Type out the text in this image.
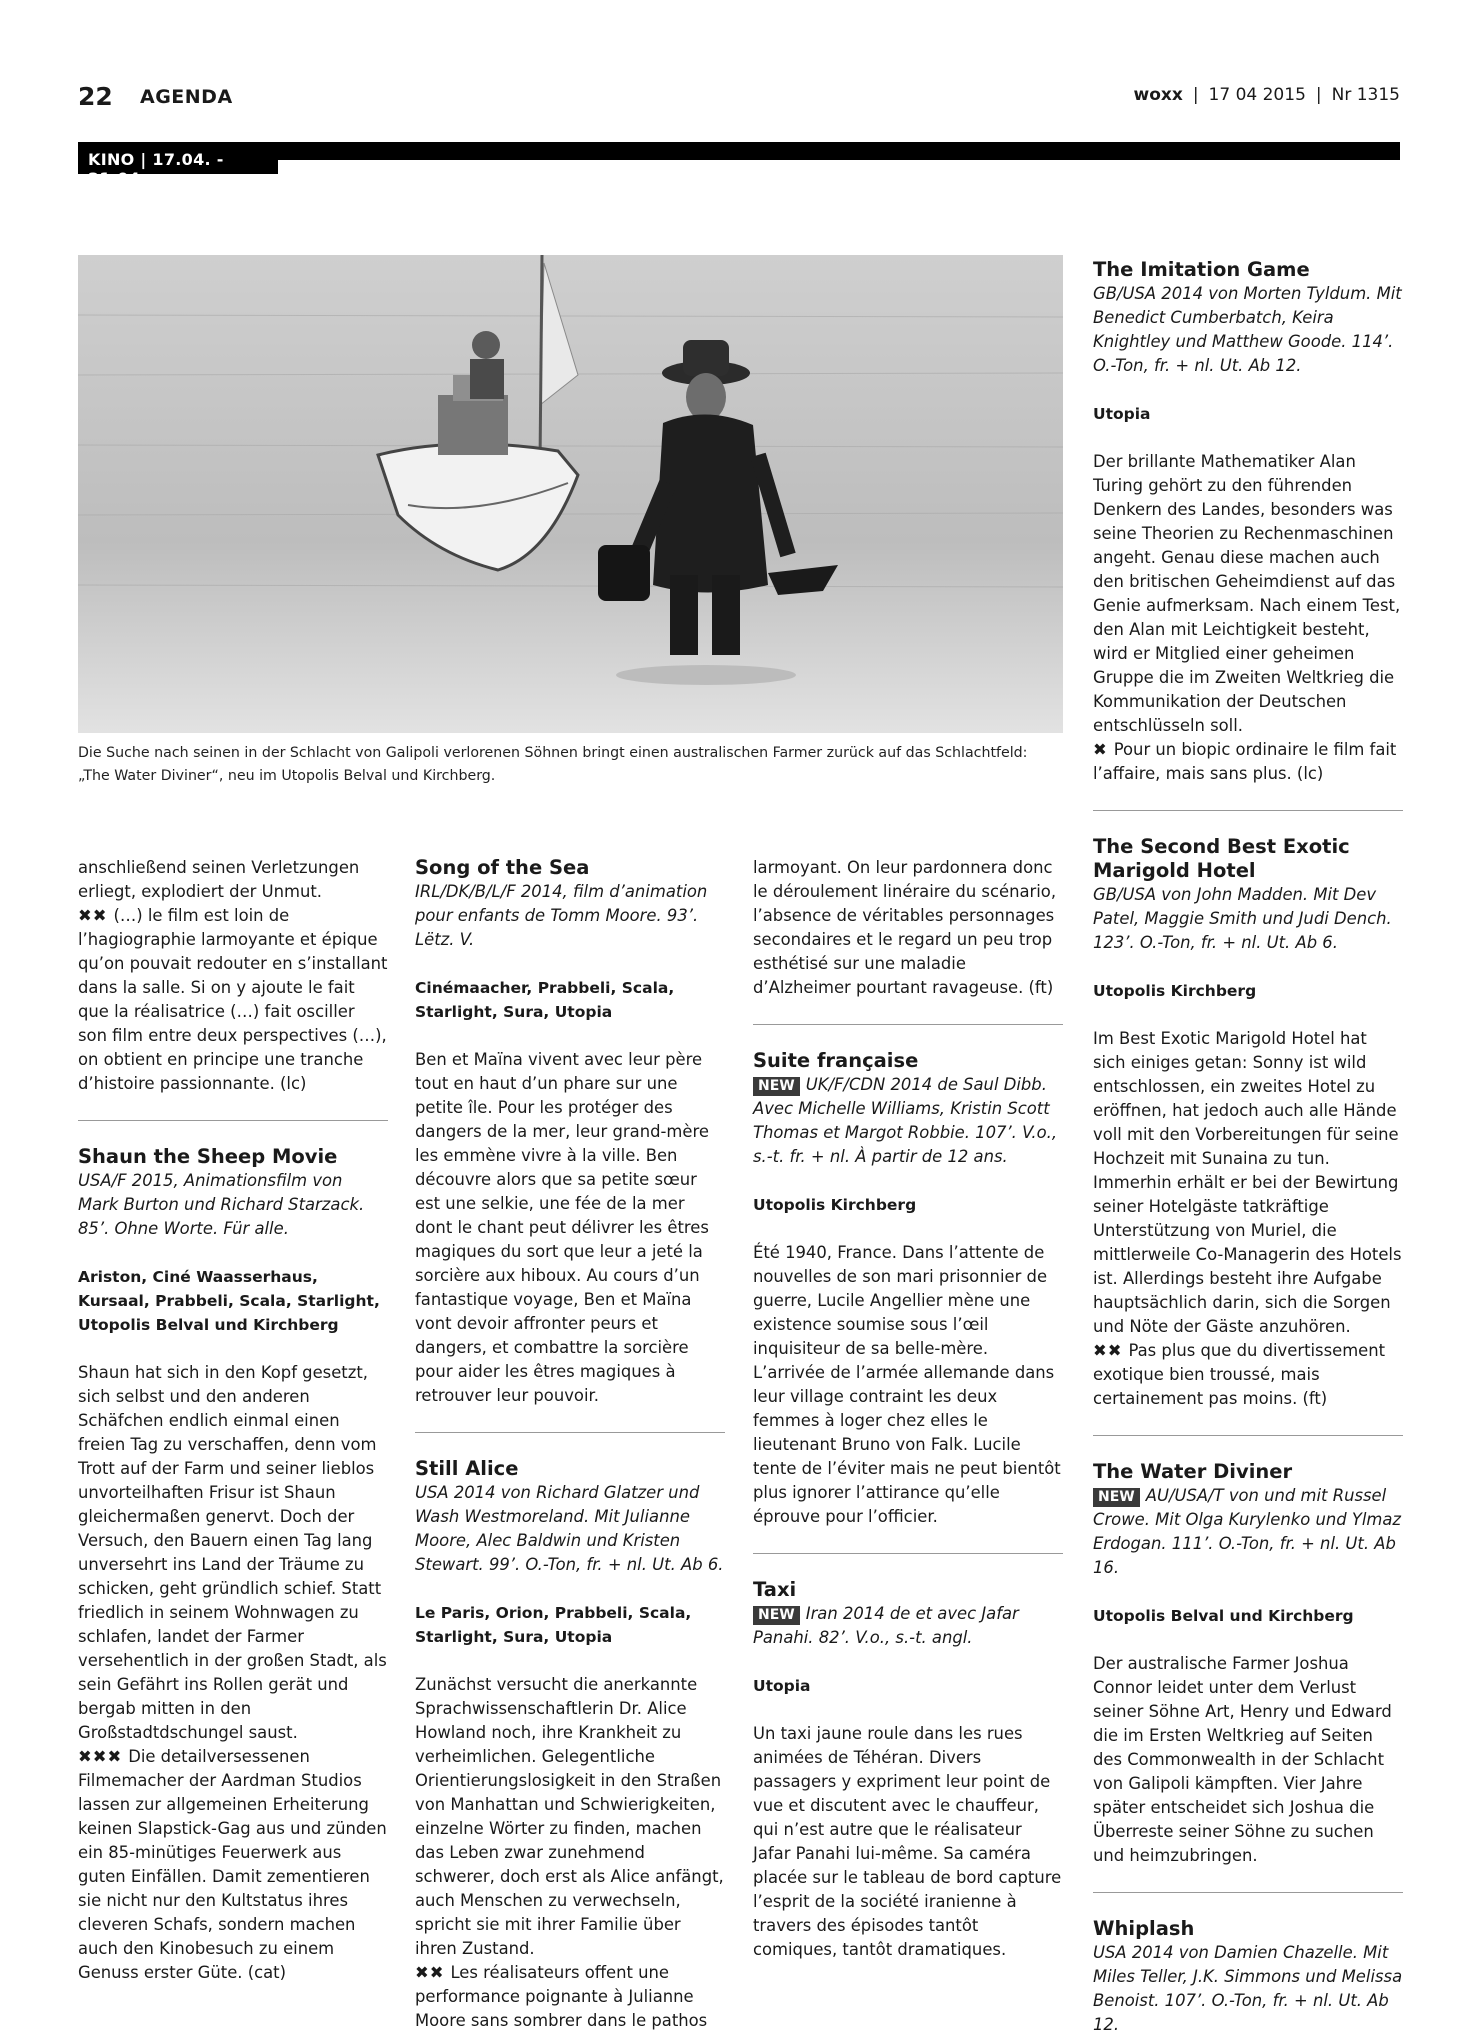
22 AGENDA	woxx | 17 04 2015 | Nr 1315
KINO | 17.04. - 21.04.
Die Suche nach seinen in der Schlacht von Galipoli verlorenen Söhnen bringt einen australischen Farmer zurück auf das Schlachtfeld: „The Water Diviner“, neu im Utopolis Belval und Kirchberg.
anschließend seinen Verletzungen erliegt, explodiert der Unmut.
✖✖ (…) le film est loin de l’hagiographie larmoyante et épique qu’on pouvait redouter en s’installant dans la salle. Si on y ajoute le fait que la réalisatrice (…) fait osciller son film entre deux perspectives (…), on obtient en principe une tranche d’histoire passionnante. (lc)
Shaun the Sheep Movie
USA/F 2015, Animationsfilm von Mark Burton und Richard Starzack. 85’. Ohne Worte. Für alle.
Ariston, Ciné Waasserhaus, Kursaal, Prabbeli, Scala, Starlight, Utopolis Belval und Kirchberg
Shaun hat sich in den Kopf gesetzt, sich selbst und den anderen Schäfchen endlich einmal einen freien Tag zu verschaffen, denn vom Trott auf der Farm und seiner lieblos unvorteilhaften Frisur ist Shaun gleichermaßen genervt. Doch der Versuch, den Bauern einen Tag lang unversehrt ins Land der Träume zu schicken, geht gründlich schief. Statt friedlich in seinem Wohnwagen zu schlafen, landet der Farmer versehentlich in der großen Stadt, als sein Gefährt ins Rollen gerät und bergab mitten in den Großstadtdschungel saust.
✖✖✖ Die detailversessenen Filmemacher der Aardman Studios lassen zur allgemeinen Erheiterung keinen Slapstick-Gag aus und zünden ein 85-minütiges Feuerwerk aus guten Einfällen. Damit zementieren sie nicht nur den Kultstatus ihres cleveren Schafs, sondern machen auch den Kinobesuch zu einem Genuss erster Güte. (cat)
Song of the Sea
IRL/DK/B/L/F 2014, film d’animation pour enfants de Tomm Moore. 93’. Lëtz. V.
Cinémaacher, Prabbeli, Scala, Starlight, Sura, Utopia
Ben et Maïna vivent avec leur père tout en haut d’un phare sur une petite île. Pour les protéger des dangers de la mer, leur grand-mère les emmène vivre à la ville. Ben découvre alors que sa petite sœur est une selkie, une fée de la mer dont le chant peut délivrer les êtres magiques du sort que leur a jeté la sorcière aux hiboux. Au cours d’un fantastique voyage, Ben et Maïna vont devoir affronter peurs et dangers, et combattre la sorcière pour aider les êtres magiques à retrouver leur pouvoir.
Still Alice
USA 2014 von Richard Glatzer und Wash Westmoreland. Mit Julianne Moore, Alec Baldwin und Kristen Stewart. 99’. O.-Ton, fr. + nl. Ut. Ab 6.
Le Paris, Orion, Prabbeli, Scala, Starlight, Sura, Utopia
Zunächst versucht die anerkannte Sprachwissenschaftlerin Dr. Alice Howland noch, ihre Krankheit zu verheimlichen. Gelegentliche Orientierungslosigkeit in den Straßen von Manhattan und Schwierigkeiten, einzelne Wörter zu finden, machen das Leben zwar zunehmend schwerer, doch erst als Alice anfängt, auch Menschen zu verwechseln, spricht sie mit ihrer Familie über ihren Zustand.
✖✖ Les réalisateurs offent une performance poignante à Julianne Moore sans sombrer dans le pathos
larmoyant. On leur pardonnera donc le déroulement linéraire du scénario, l’absence de véritables personnages secondaires et le regard un peu trop esthétisé sur une maladie d’Alzheimer pourtant ravageuse. (ft)
Suite française
NEW UK/F/CDN 2014 de Saul Dibb. Avec Michelle Williams, Kristin Scott Thomas et Margot Robbie. 107’. V.o., s.-t. fr. + nl. À partir de 12 ans.
Utopolis Kirchberg
Été 1940, France. Dans l’attente de nouvelles de son mari prisonnier de guerre, Lucile Angellier mène une existence soumise sous l’œil inquisiteur de sa belle-mère. L’arrivée de l’armée allemande dans leur village contraint les deux femmes à loger chez elles le lieutenant Bruno von Falk. Lucile tente de l’éviter mais ne peut bientôt plus ignorer l’attirance qu’elle éprouve pour l’officier.
Taxi
NEW Iran 2014 de et avec Jafar Panahi. 82’. V.o., s.-t. angl.
Utopia
Un taxi jaune roule dans les rues animées de Téhéran. Divers passagers y expriment leur point de vue et discutent avec le chauffeur, qui n’est autre que le réalisateur Jafar Panahi lui-même. Sa caméra placée sur le tableau de bord capture l’esprit de la société iranienne à travers des épisodes tantôt comiques, tantôt dramatiques.
The Imitation Game
GB/USA 2014 von Morten Tyldum. Mit Benedict Cumberbatch, Keira Knightley und Matthew Goode. 114’. O.-Ton, fr. + nl. Ut. Ab 12.
Utopia
Der brillante Mathematiker Alan Turing gehört zu den führenden Denkern des Landes, besonders was seine Theorien zu Rechenmaschinen angeht. Genau diese machen auch den britischen Geheimdienst auf das Genie aufmerksam. Nach einem Test, den Alan mit Leichtigkeit besteht, wird er Mitglied einer geheimen Gruppe die im Zweiten Weltkrieg die Kommunikation der Deutschen entschlüsseln soll.
✖ Pour un biopic ordinaire le film fait l’affaire, mais sans plus. (lc)
The Second Best Exotic Marigold Hotel
GB/USA von John Madden. Mit Dev Patel, Maggie Smith und Judi Dench. 123’. O.-Ton, fr. + nl. Ut. Ab 6.
Utopolis Kirchberg
Im Best Exotic Marigold Hotel hat sich einiges getan: Sonny ist wild entschlossen, ein zweites Hotel zu eröffnen, hat jedoch auch alle Hände voll mit den Vorbereitungen für seine Hochzeit mit Sunaina zu tun. Immerhin erhält er bei der Bewirtung seiner Hotelgäste tatkräftige Unterstützung von Muriel, die mittlerweile Co-Managerin des Hotels ist. Allerdings besteht ihre Aufgabe hauptsächlich darin, sich die Sorgen und Nöte der Gäste anzuhören.
✖✖ Pas plus que du divertissement exotique bien troussé, mais certainement pas moins. (ft)
The Water Diviner
NEW AU/USA/T von und mit Russel Crowe. Mit Olga Kurylenko und Ylmaz Erdogan. 111’. O.-Ton, fr. + nl. Ut. Ab 16.
Utopolis Belval und Kirchberg
Der australische Farmer Joshua Connor leidet unter dem Verlust seiner Söhne Art, Henry und Edward die im Ersten Weltkrieg auf Seiten des Commonwealth in der Schlacht von Galipoli kämpften. Vier Jahre später entscheidet sich Joshua die Überreste seiner Söhne zu suchen und heimzubringen.
Whiplash
USA 2014 von Damien Chazelle. Mit Miles Teller, J.K. Simmons und Melissa Benoist. 107’. O.-Ton, fr. + nl. Ut. Ab 12.
